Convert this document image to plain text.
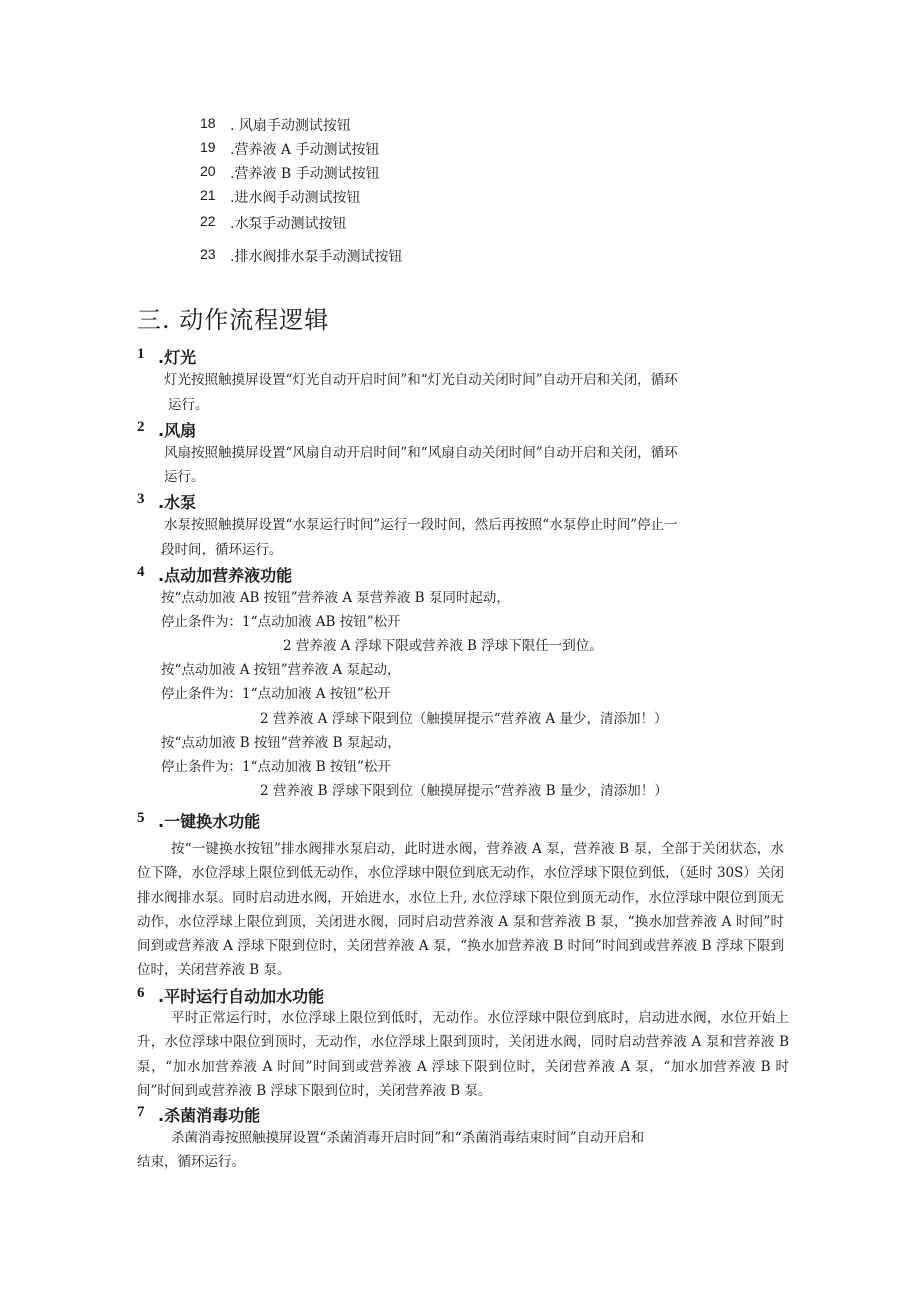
18	. 风扇手动测试按钮
19	.营养液 A 手动测试按钮
20	.营养液 B 手动测试按钮
21	.进水阀手动测试按钮
22	.水泵手动测试按钮
23	.排水阀排水泵手动测试按钮
三. 动作流程逻辑
1 .灯光
灯光按照触摸屏设置“灯光自动开启时间”和“灯光自动关闭时间”自动开启和关闭，循环
运行。
2 .风扇
风扇按照触摸屏设置“风扇自动开启时间”和“风扇自动关闭时间”自动开启和关闭，循环
运行。
3 .水泵
水泵按照触摸屏设置“水泵运行时间”运行一段时间，然后再按照“水泵停止时间”停止一
段时间，循环运行。
4 .点动加营养液功能
按“点动加液 AB 按钮”营养液 A 泵营养液 B 泵同时起动，
停止条件为：1“点动加液 AB 按钮”松开
2 营养液 A 浮球下限或营养液 B 浮球下限任一到位。
按“点动加液 A 按钮”营养液 A 泵起动，
停止条件为：1“点动加液 A 按钮”松开
2 营养液 A 浮球下限到位（触摸屏提示“营养液 A 量少，清添加！）
按“点动加液 B 按钮”营养液 B 泵起动，
停止条件为：1“点动加液 B 按钮”松开
2 营养液 B 浮球下限到位（触摸屏提示“营养液 B 量少，清添加！）
5 .一键换水功能
按“一键换水按钮”排水阀排水泵启动，此时进水阀，营养液 A 泵，营养液 B 泵，全部于关闭状态，水位下降，水位浮球上限位到低无动作，水位浮球中限位到底无动作，水位浮球下限位到低，（延时 30S）关闭排水阀排水泵。同时启动进水阀，开始进水，水位上升, 水位浮球下限位到顶无动作，水位浮球中限位到顶无动作，水位浮球上限位到顶，关闭进水阀，同时启动营养液 A 泵和营养液 B 泵，“换水加营养液 A 时间”时间到或营养液 A 浮球下限到位时，关闭营养液 A 泵，“换水加营养液 B 时间”时间到或营养液 B 浮球下限到位时，关闭营养液 B 泵。
6 .平时运行自动加水功能
平时正常运行时，水位浮球上限位到低时，无动作。水位浮球中限位到底时，启动进水阀，水位开始上升，水位浮球中限位到顶时，无动作，水位浮球上限到顶时，关闭进水阀，同时启动营养液 A 泵和营养液 B 泵，“加水加营养液 A 时间”时间到或营养液 A 浮球下限到位时，关闭营养液 A 泵，“加水加营养液 B 时间”时间到或营养液 B 浮球下限到位时，关闭营养液 B 泵。
7 .杀菌消毒功能
杀菌消毒按照触摸屏设置“杀菌消毒开启时间”和“杀菌消毒结束时间”自动开启和
结束，循环运行。
